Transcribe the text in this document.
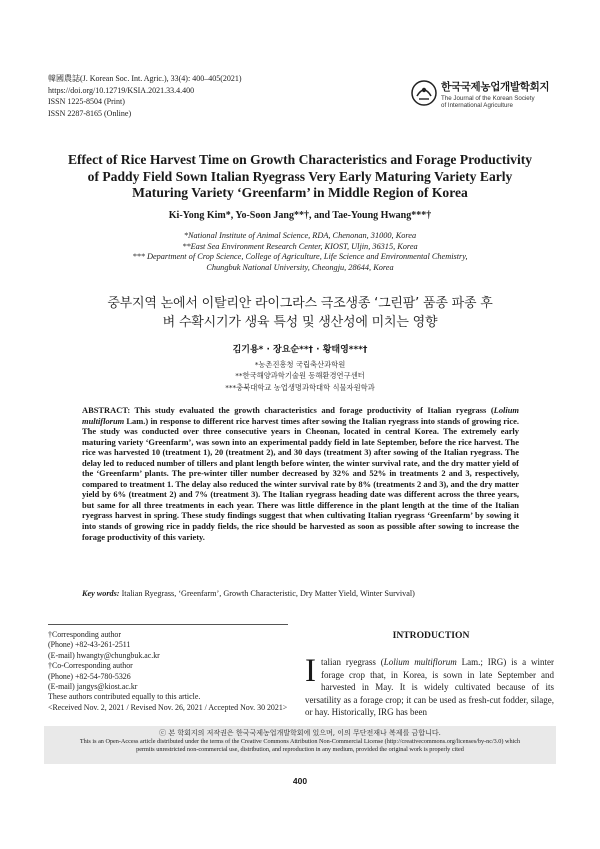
韓國農誌(J. Korean Soc. Int. Agric.), 33(4): 400–405(2021)
https://doi.org/10.12719/KSIA.2021.33.4.400
ISSN 1225-8504 (Print)
ISSN 2287-8165 (Online)
한국국제농업개발학회지
The Journal of the Korean Society
of International Agriculture
Effect of Rice Harvest Time on Growth Characteristics and Forage Productivity
of Paddy Field Sown Italian Ryegrass Very Early Maturing Variety Early
Maturing Variety ‘Greenfarm’ in Middle Region of Korea
Ki-Yong Kim*, Yo-Soon Jang**†, and Tae-Young Hwang***†
*National Institute of Animal Science, RDA, Chenonan, 31000, Korea
**East Sea Environment Research Center, KIOST, Uljin, 36315, Korea
*** Department of Crop Science, College of Agriculture, Life Science and Environmental Chemistry,
Chungbuk National University, Cheongju, 28644, Korea
중부지역 논에서 이탈리안 라이그라스 극조생종 ‘그린팜’ 품종 파종 후
벼 수확시기가 생육 특성 및 생산성에 미치는 영향
김기용* · 장요순**† · 황태영***†
*농촌진흥청 국립축산과학원
**한국해양과학기술원 동해환경연구센터
***충북대학교 농업생명과학대학 식물자원학과
ABSTRACT: This study evaluated the growth characteristics and forage productivity of Italian ryegrass (Lolium multiflorum Lam.) in response to different rice harvest times after sowing the Italian ryegrass into stands of growing rice. The study was conducted over three consecutive years in Cheonan, located in central Korea. The extremely early maturing variety ‘Greenfarm’, was sown into an experimental paddy field in late September, before the rice harvest. The rice was harvested 10 (treatment 1), 20 (treatment 2), and 30 days (treatment 3) after sowing of the Italian ryegrass. The delay led to reduced number of tillers and plant length before winter, the winter survival rate, and the dry matter yield of the ‘Greenfarm’ plants. The pre-winter tiller number decreased by 32% and 52% in treatments 2 and 3, respectively, compared to treatment 1. The delay also reduced the winter survival rate by 8% (treatments 2 and 3), and the dry matter yield by 6% (treatment 2) and 7% (treatment 3). The Italian ryegrass heading date was different across the three years, but same for all three treatments in each year. There was little difference in the plant length at the time of the Italian ryegrass harvest in spring. These study findings suggest that when cultivating Italian ryegrass ‘Greenfarm’ by sowing it into stands of growing rice in paddy fields, the rice should be harvested as soon as possible after sowing to increase the forage productivity of this variety.
Key words: Italian Ryegrass, ‘Greenfarm’, Growth Characteristic, Dry Matter Yield, Winter Survival)
†Corresponding author
(Phone) +82-43-261-2511
(E-mail) hwangty@chungbuk.ac.kr
†Co-Corresponding author
(Phone) +82-54-780-5326
(E-mail) jangys@kiost.ac.kr
These authors contributed equally to this article.
<Received Nov. 2, 2021 / Revised Nov. 26, 2021 / Accepted Nov. 30 2021>
INTRODUCTION
Italian ryegrass (Lolium multiflorum Lam.; IRG) is a winter forage crop that, in Korea, is sown in late September and harvested in May. It is widely cultivated because of its versatility as a forage crop; it can be used as fresh-cut fodder, silage, or hay. Historically, IRG has been
ⓒ 본 학회지의 저작권은 한국국제농업개발학회에 있으며, 이의 무단전재나 복제를 금합니다.
This is an Open-Access article distributed under the terms of the Creative Commons Attribution Non-Commercial License (http://creativecommons.org/licenses/by-nc/3.0) which
permits unrestricted non-commercial use, distribution, and reproduction in any medium, provided the original work is properly cited
400
